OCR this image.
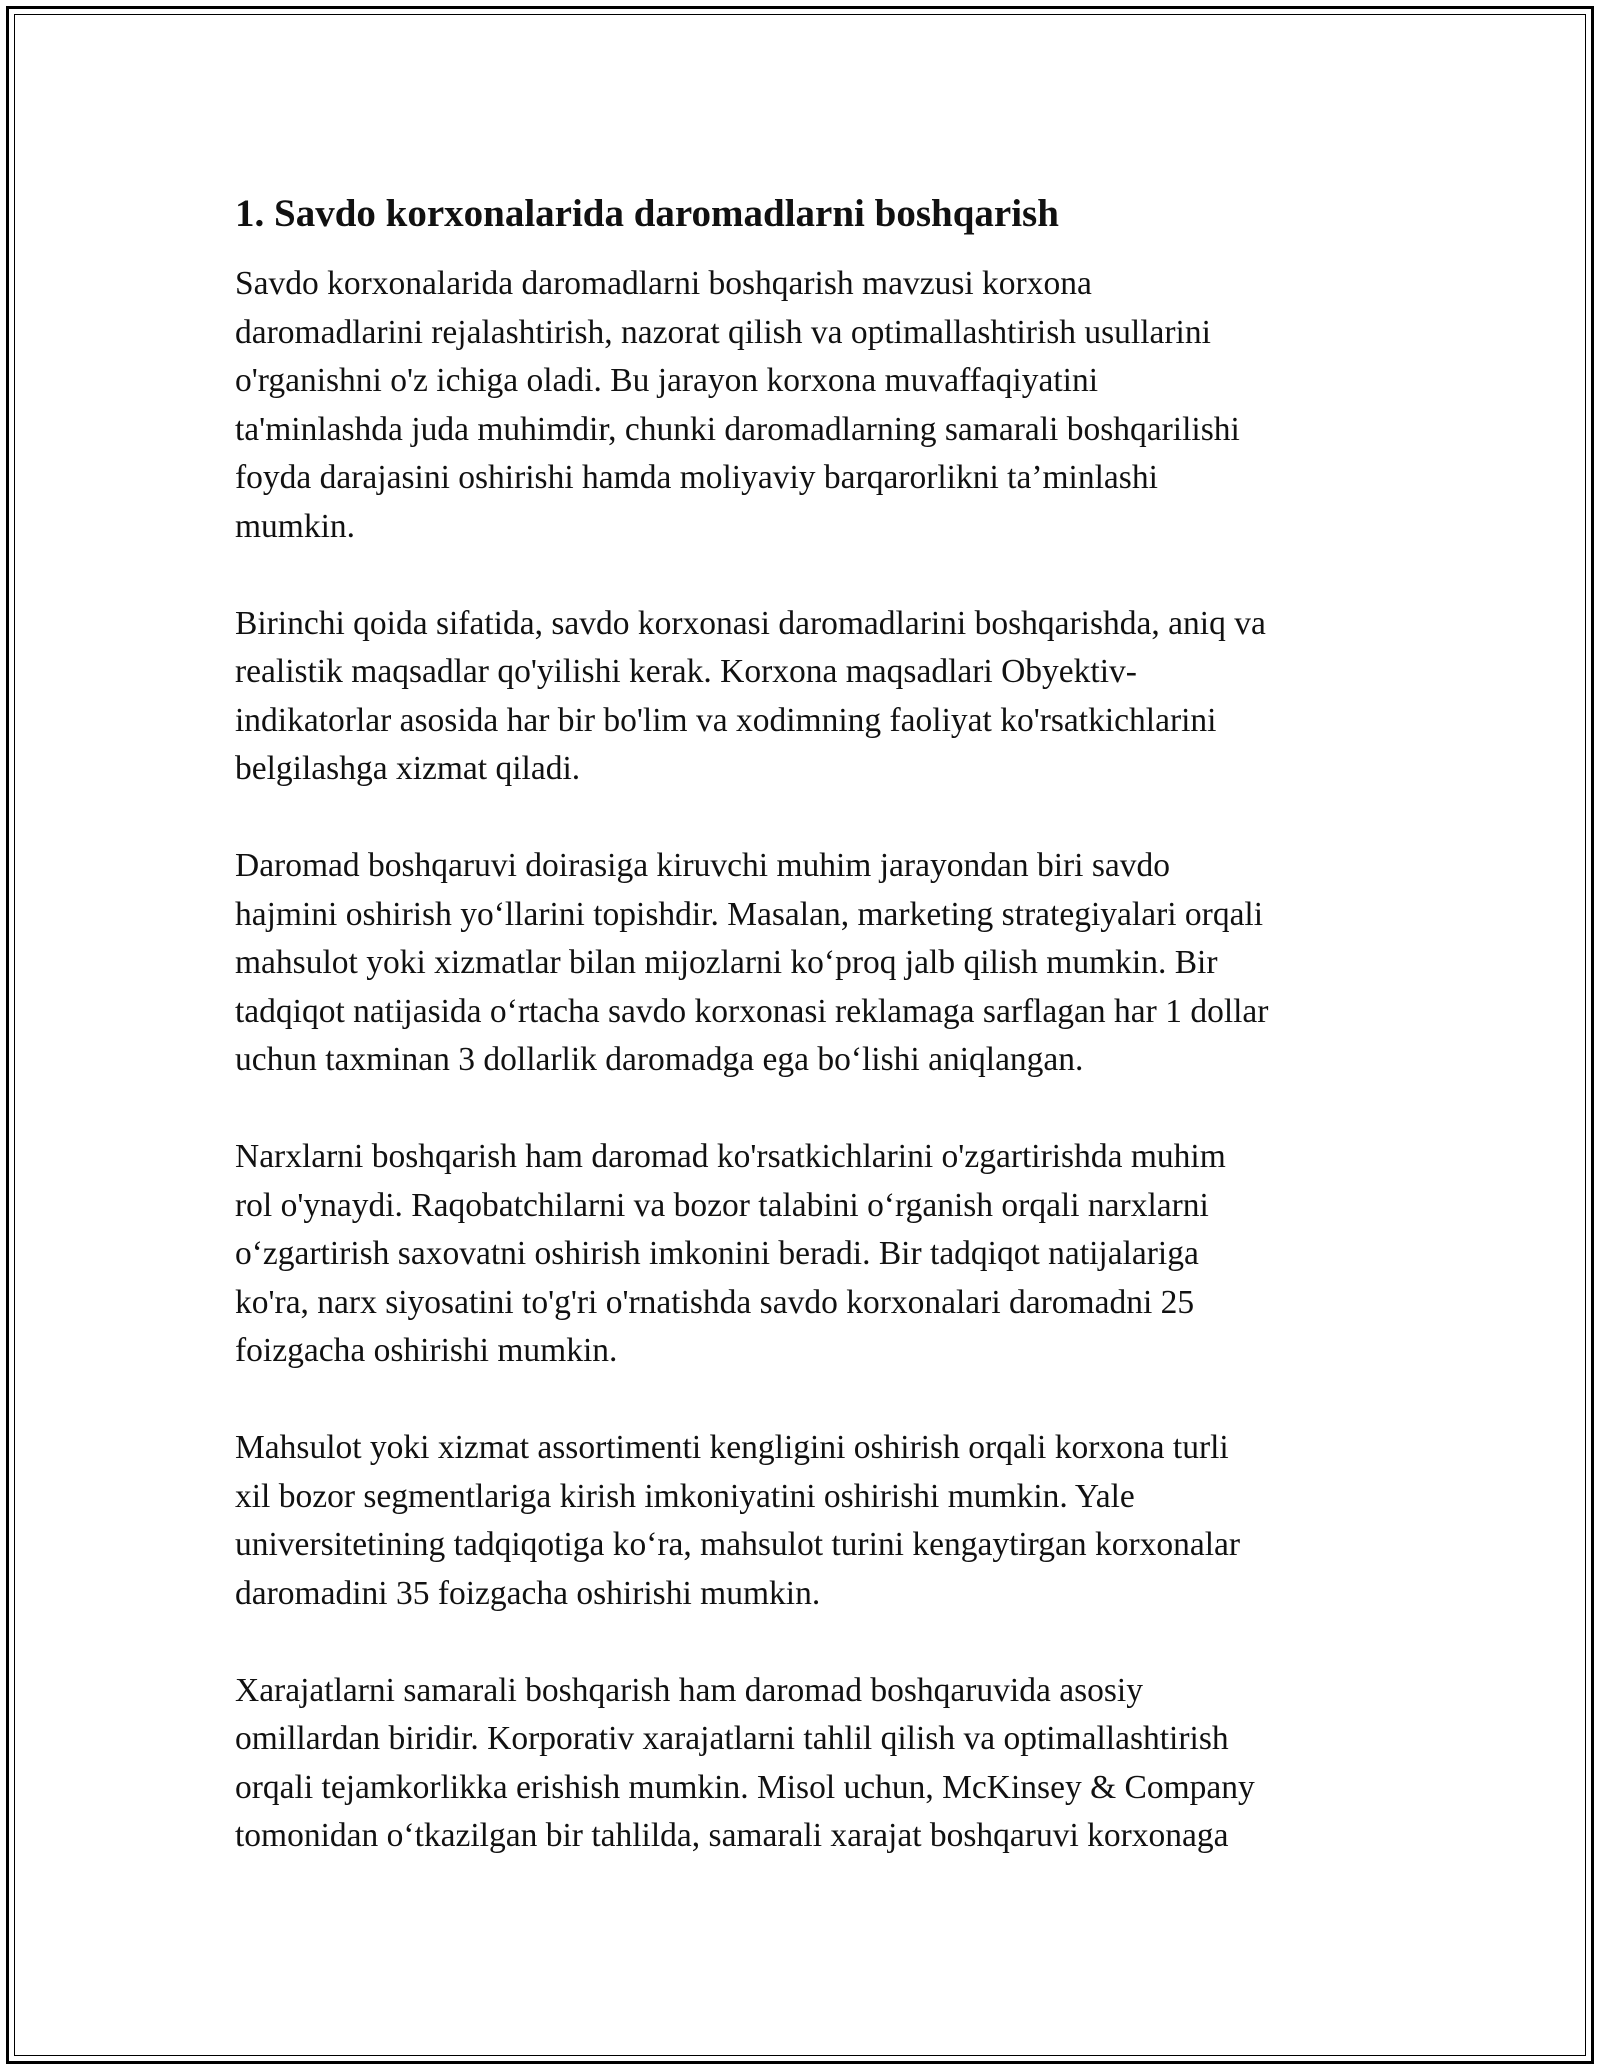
1. Savdo korxonalarida daromadlarni boshqarish

Savdo korxonalarida daromadlarni boshqarish mavzusi korxona
daromadlarini rejalashtirish, nazorat qilish va optimallashtirish usullarini
o'rganishni o'z ichiga oladi. Bu jarayon korxona muvaffaqiyatini
ta'minlashda juda muhimdir, chunki daromadlarning samarali boshqarilishi
foyda darajasini oshirishi hamda moliyaviy barqarorlikni ta’minlashi
mumkin.

Birinchi qoida sifatida, savdo korxonasi daromadlarini boshqarishda, aniq va
realistik maqsadlar qo'yilishi kerak. Korxona maqsadlari Obyektiv-
indikatorlar asosida har bir bo'lim va xodimning faoliyat ko'rsatkichlarini
belgilashga xizmat qiladi.

Daromad boshqaruvi doirasiga kiruvchi muhim jarayondan biri savdo
hajmini oshirish yo‘llarini topishdir. Masalan, marketing strategiyalari orqali
mahsulot yoki xizmatlar bilan mijozlarni ko‘proq jalb qilish mumkin. Bir
tadqiqot natijasida o‘rtacha savdo korxonasi reklamaga sarflagan har 1 dollar
uchun taxminan 3 dollarlik daromadga ega bo‘lishi aniqlangan.

Narxlarni boshqarish ham daromad ko'rsatkichlarini o'zgartirishda muhim
rol o'ynaydi. Raqobatchilarni va bozor talabini o‘rganish orqali narxlarni
o‘zgartirish saxovatni oshirish imkonini beradi. Bir tadqiqot natijalariga
ko'ra, narx siyosatini to'g'ri o'rnatishda savdo korxonalari daromadni 25
foizgacha oshirishi mumkin.

Mahsulot yoki xizmat assortimenti kengligini oshirish orqali korxona turli
xil bozor segmentlariga kirish imkoniyatini oshirishi mumkin. Yale
universitetining tadqiqotiga ko‘ra, mahsulot turini kengaytirgan korxonalar
daromadini 35 foizgacha oshirishi mumkin.

Xarajatlarni samarali boshqarish ham daromad boshqaruvida asosiy
omillardan biridir. Korporativ xarajatlarni tahlil qilish va optimallashtirish
orqali tejamkorlikka erishish mumkin. Misol uchun, McKinsey & Company
tomonidan o‘tkazilgan bir tahlilda, samarali xarajat boshqaruvi korxonaga
